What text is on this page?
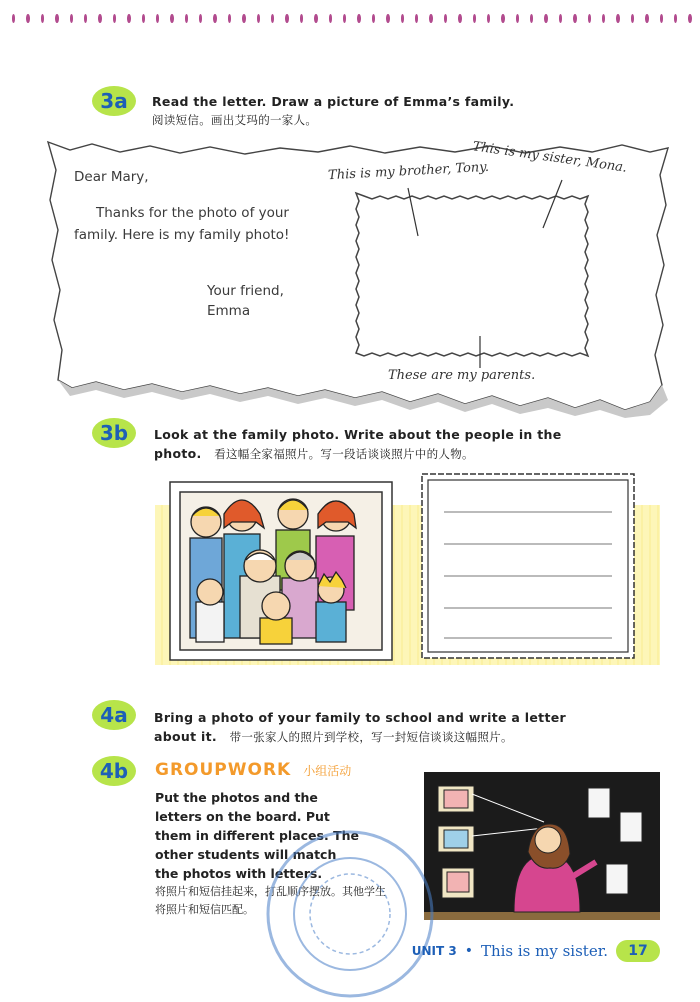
3a	Read the letter. Draw a picture of Emma’s family.
阅读短信。画出艾玛的一家人。
Dear Mary,
Thanks for the photo of your
family. Here is my family photo!
Your friend,
Emma
This is my brother, Tony.
This is my sister, Mona.
These are my parents.
3b	Look at the family photo. Write about the people in the
photo. 看这幅全家福照片。写一段话谈谈照片中的人物。
4a	Bring a photo of your family to school and write a letter
about it. 带一张家人的照片到学校，写一封短信谈谈这幅照片。
4b	GROUPWORK 小组活动
Put the photos and the
letters on the board. Put
them in different places. The
other students will match
the photos with letters.
将照片和短信挂起来，打乱顺序摆放。其他学生
将照片和短信匹配。
UNIT 3 • This is my sister.	17
